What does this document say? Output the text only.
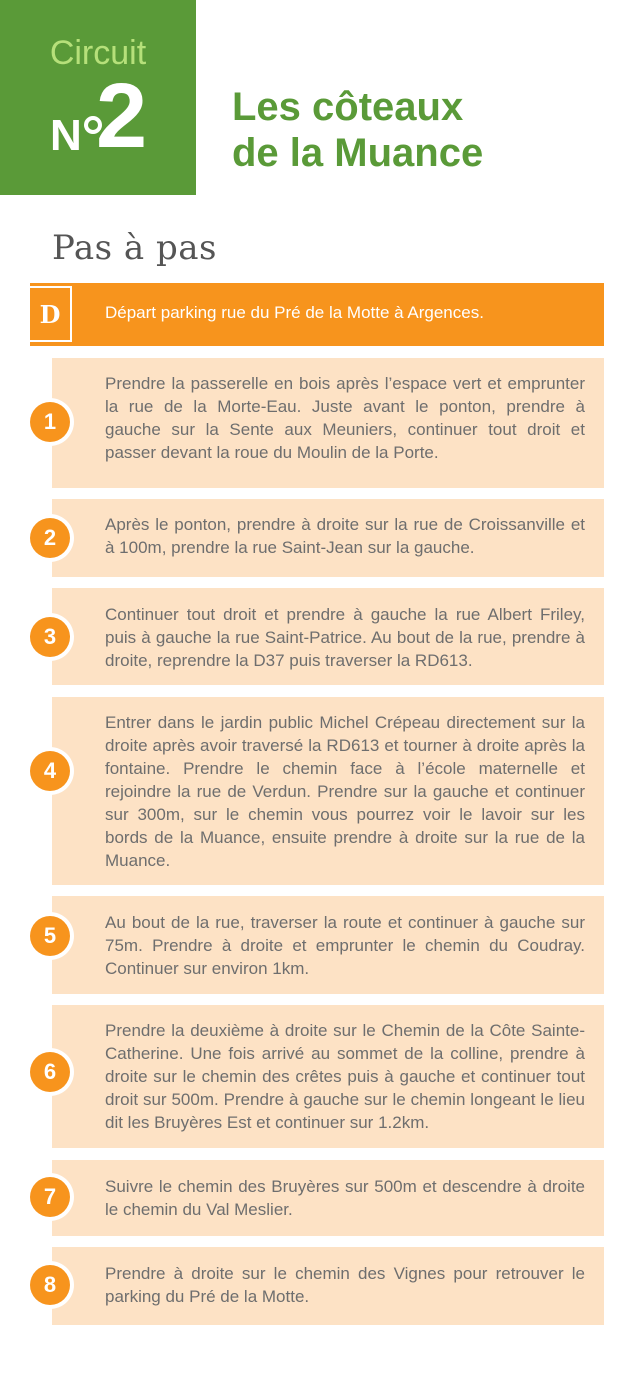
Circuit
N 2 Les côteaux
de la Muance
Pas à pas
D	Départ parking rue du Pré de la Motte à Argences.
Prendre la passerelle en bois après l’espace vert et emprunter la rue de la Morte-Eau. Juste avant le ponton, prendre à gauche sur la Sente aux Meuniers, continuer tout droit et passer devant la roue du Moulin de la Porte.
1
Après le ponton, prendre à droite sur la rue de Croissanville et à 100m, prendre la rue Saint-Jean sur la gauche.
2
Continuer tout droit et prendre à gauche la rue Albert Friley, puis à gauche la rue Saint-Patrice. Au bout de la rue, prendre à droite, reprendre la D37 puis traverser la RD613.
3
Entrer dans le jardin public Michel Crépeau directement sur la droite après avoir traversé la RD613 et tourner à droite après la fontaine. Prendre le chemin face à l’école maternelle et rejoindre la rue de Verdun. Prendre sur la gauche et continuer sur 300m, sur le chemin vous pourrez voir le lavoir sur les bords de la Muance, ensuite prendre à droite sur la rue de la Muance.
4
Au bout de la rue, traverser la route et continuer à gauche sur 75m. Prendre à droite et emprunter le chemin du Coudray. Continuer sur environ 1km.
5
Prendre la deuxième à droite sur le Chemin de la Côte Sainte-Catherine. Une fois arrivé au sommet de la colline, prendre à droite sur le chemin des crêtes puis à gauche et continuer tout droit sur 500m. Prendre à gauche sur le chemin longeant le lieu dit les Bruyères Est et continuer sur 1.2km.
6
Suivre le chemin des Bruyères sur 500m et descendre à droite le chemin du Val Meslier.
7
Prendre à droite sur le chemin des Vignes pour retrouver le parking du Pré de la Motte.
8
